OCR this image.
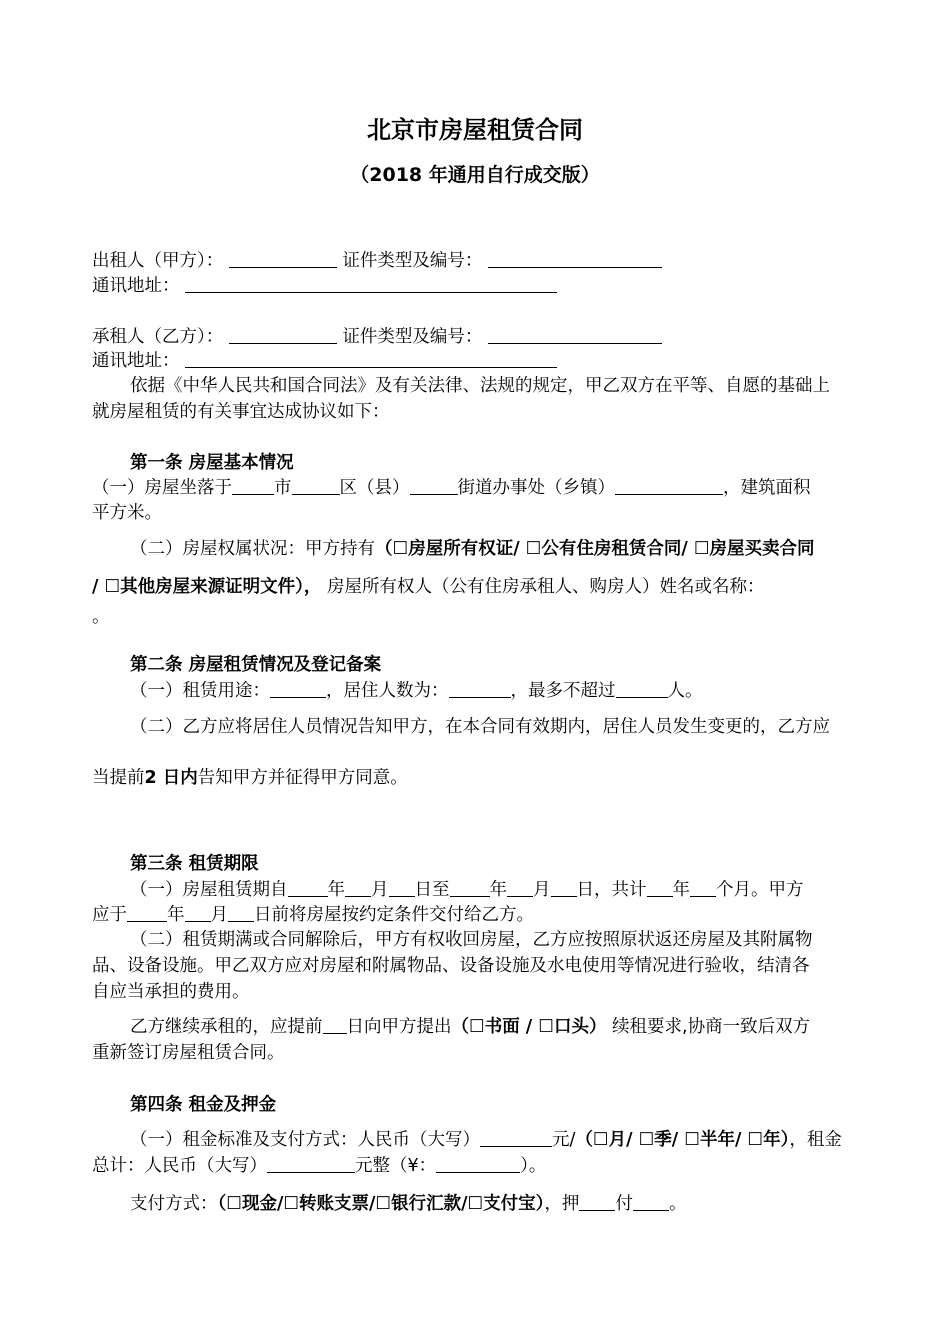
北京市房屋租赁合同
（2018 年通用自行成交版）
出租人（甲方）：	证件类型及编号：
通讯地址：
承租人（乙方）：	证件类型及编号：
通讯地址：
依据《中华人民共和国合同法》及有关法律、法规的规定，甲乙双方在平等、自愿的基础上
就房屋租赁的有关事宜达成协议如下：
第一条 房屋基本情况
（一）房屋坐落于 市	区（县）	街道办事处（乡镇）	，建筑面积
平方米。
（二）房屋权属状况：甲方持有（☐房屋所有权证/ ☐公有住房租赁合同/ ☐房屋买卖合同
/ ☐其他房屋来源证明文件）， 房屋所有权人（公有住房承租人、购房人）姓名或名称：
。
第二条 房屋租赁情况及登记备案
（一）租赁用途：	，居住人数为：	，最多不超过	人。
（二）乙方应将居住人员情况告知甲方，在本合同有效期内，居住人员发生变更的，乙方应
当提前2 日内告知甲方并征得甲方同意。
第三条 租赁期限
（一）房屋租赁期自 年 月 日至 年 月 日，共计 年 个月。甲方
应于 年 月 日前将房屋按约定条件交付给乙方。
（二）租赁期满或合同解除后，甲方有权收回房屋，乙方应按照原状返还房屋及其附属物
品、设备设施。甲乙双方应对房屋和附属物品、设备设施及水电使用等情况进行验收，结清各
自应当承担的费用。
乙方继续承租的，应提前 日向甲方提出（☐书面 / ☐口头） 续租要求,协商一致后双方
重新签订房屋租赁合同。
第四条 租金及押金
（一）租金标准及支付方式：人民币（大写）	元/（☐月/ ☐季/ ☐半年/ ☐年），租金
总计：人民币（大写）	元整（¥：	）。
支付方式：（☐现金/☐转账支票/☐银行汇款/☐支付宝），押 付 。
